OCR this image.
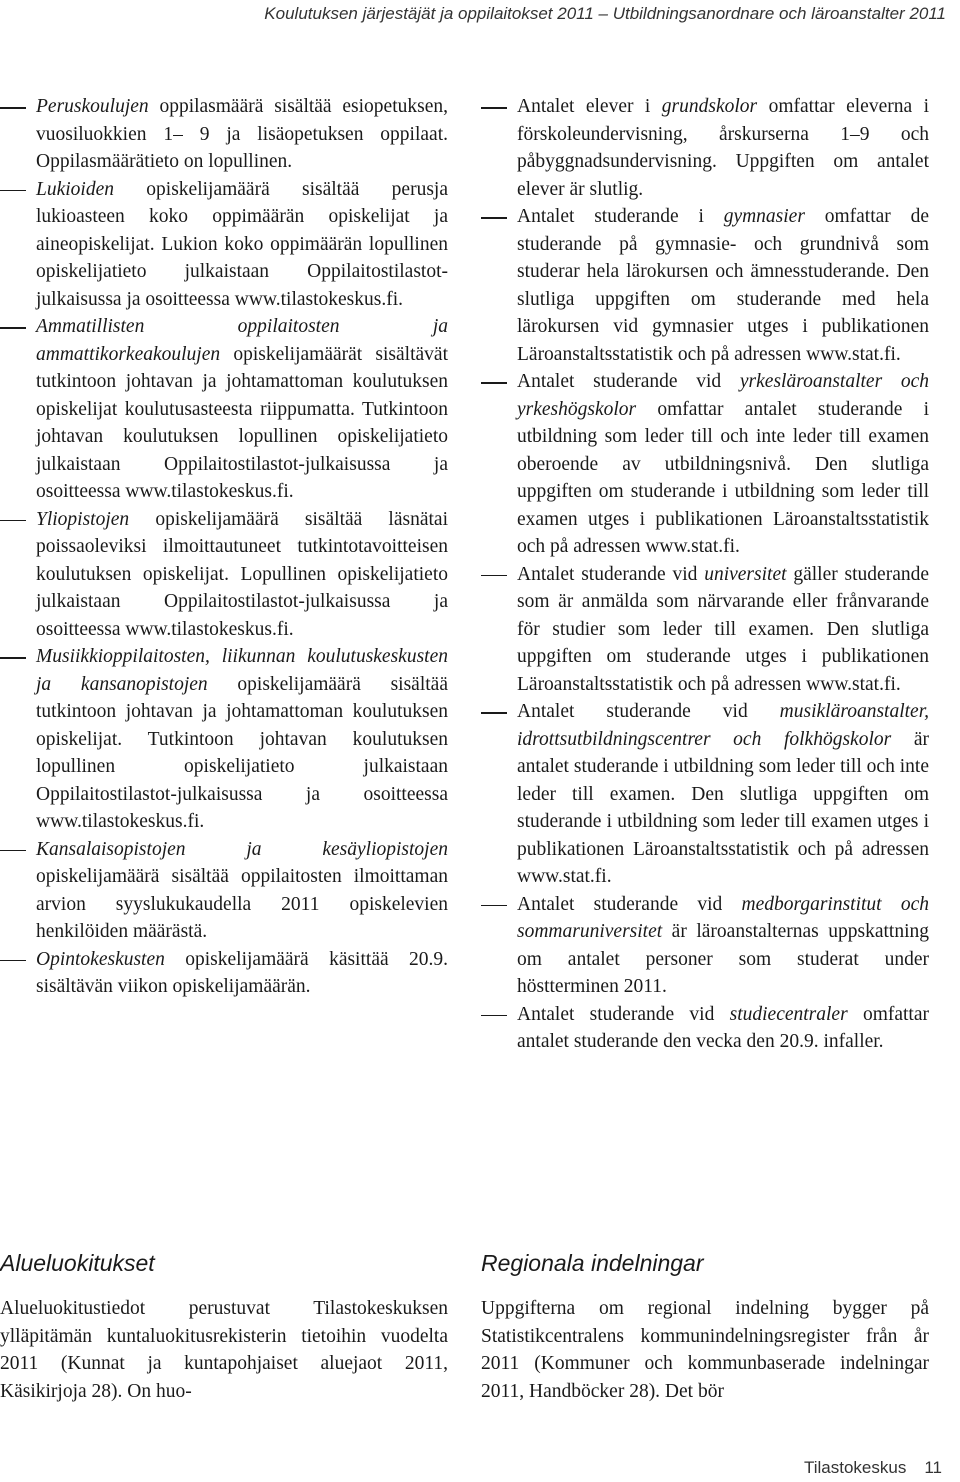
Koulutuksen järjestäjät ja oppilaitokset 2011 – Utbildningsanordnare och läroanstalter 2011
Peruskoulujen oppilasmäärä sisältää esiopetuksen, vuosiluokkien 1– 9 ja lisäopetuksen oppilaat. Oppilasmäärätieto on lopullinen.
Lukioiden opiskelijamäärä sisältää perusja lukioasteen koko oppimäärän opiskelijat ja aineopiskelijat. Lukion koko oppimäärän lopullinen opiskelijatieto julkaistaan Oppilaitostilastot-julkaisussa ja osoitteessa www.tilastokeskus.fi.
Ammatillisten oppilaitosten ja ammattikorkeakoulujen opiskelijamäärät sisältävät tutkintoon johtavan ja johtamattoman koulutuksen opiskelijat koulutusasteesta riippumatta. Tutkintoon johtavan koulutuksen lopullinen opiskelijatieto julkaistaan Oppilaitostilastot-julkaisussa ja osoitteessa www.tilastokeskus.fi.
Yliopistojen opiskelijamäärä sisältää läsnätai poissaoleviksi ilmoittautuneet tutkintotavoitteisen koulutuksen opiskelijat. Lopullinen opiskelijatieto julkaistaan Oppilaitostilastot-julkaisussa ja osoitteessa www.tilastokeskus.fi.
Musiikkioppilaitosten, liikunnan koulutuskeskusten ja kansanopistojen opiskelijamäärä sisältää tutkintoon johtavan ja johtamattoman koulutuksen opiskelijat. Tutkintoon johtavan koulutuksen lopullinen opiskelijatieto julkaistaan Oppilaitostilastot-julkaisussa ja osoitteessa www.tilastokeskus.fi.
Kansalaisopistojen ja kesäyliopistojen opiskelijamäärä sisältää oppilaitosten ilmoittaman arvion syyslukukaudella 2011 opiskelevien henkilöiden määrästä.
Opintokeskusten opiskelijamäärä käsittää 20.9. sisältävän viikon opiskelijamäärän.
Antalet elever i grundskolor omfattar eleverna i förskoleundervisning, årskurserna 1–9 och påbyggnadsundervisning. Uppgiften om antalet elever är slutlig.
Antalet studerande i gymnasier omfattar de studerande på gymnasie- och grundnivå som studerar hela lärokursen och ämnesstuderande. Den slutliga uppgiften om studerande med hela lärokursen vid gymnasier utges i publikationen Läroanstaltsstatistik och på adressen www.stat.fi.
Antalet studerande vid yrkesläroanstalter och yrkeshögskolor omfattar antalet studerande i utbildning som leder till och inte leder till examen oberoende av utbildningsnivå. Den slutliga uppgiften om studerande i utbildning som leder till examen utges i publikationen Läroanstaltsstatistik och på adressen www.stat.fi.
Antalet studerande vid universitet gäller studerande som är anmälda som närvarande eller frånvarande för studier som leder till examen. Den slutliga uppgiften om studerande utges i publikationen Läroanstaltsstatistik och på adressen www.stat.fi.
Antalet studerande vid musikläroanstalter, idrottsutbildningscentrer och folkhögskolor är antalet studerande i utbildning som leder till och inte leder till examen. Den slutliga uppgiften om studerande i utbildning som leder till examen utges i publikationen Läroanstaltsstatistik och på adressen www.stat.fi.
Antalet studerande vid medborgarinstitut och sommaruniversitet är läroanstalternas uppskattning om antalet personer som studerat under höstterminen 2011.
Antalet studerande vid studiecentraler omfattar antalet studerande den vecka den 20.9. infaller.
Alueluokitukset

Alueluokitustiedot perustuvat Tilastokeskuksen ylläpitämän kuntaluokitusrekisterin tietoihin vuodelta 2011 (Kunnat ja kuntapohjaiset aluejaot 2011, Käsikirjoja 28). On huo-

Regionala indelningar

Uppgifterna om regional indelning bygger på Statistikcentralens kommunindelningsregister från år 2011 (Kommuner och kommunbaserade indelningar 2011, Handböcker 28). Det bör

Tilastokeskus 11
